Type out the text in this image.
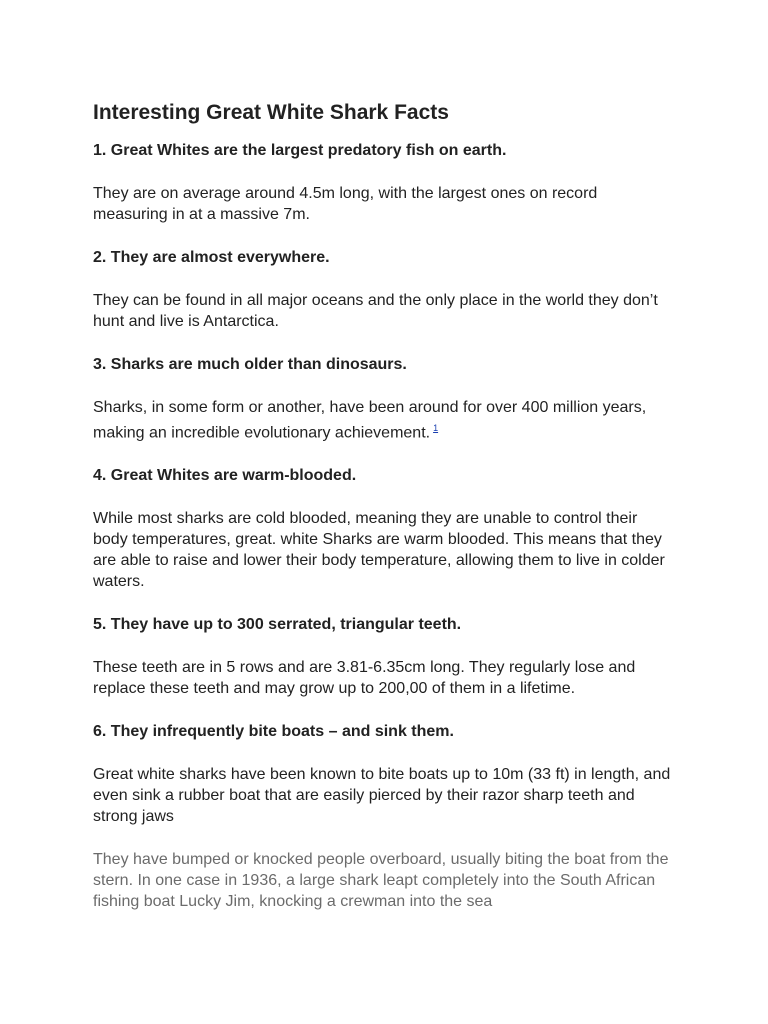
Interesting Great White Shark Facts

1. Great Whites are the largest predatory fish on earth.

They are on average around 4.5m long, with the largest ones on record measuring in at a massive 7m.

2. They are almost everywhere.

They can be found in all major oceans and the only place in the world they don’t hunt and live is Antarctica.

3. Sharks are much older than dinosaurs.

Sharks, in some form or another, have been around for over 400 million years, making an incredible evolutionary achievement. $^1$

4. Great Whites are warm-blooded.

While most sharks are cold blooded, meaning they are unable to control their body temperatures, great. white Sharks are warm blooded. This means that they are able to raise and lower their body temperature, allowing them to live in colder waters.

5. They have up to 300 serrated, triangular teeth.

These teeth are in 5 rows and are 3.81-6.35cm long. They regularly lose and replace these teeth and may grow up to 200,00 of them in a lifetime.

6. They infrequently bite boats – and sink them.

Great white sharks have been known to bite boats up to 10m (33 ft) in length, and even sink a rubber boat that are easily pierced by their razor sharp teeth and strong jaws

They have bumped or knocked people overboard, usually biting the boat from the stern. In one case in 1936, a large shark leapt completely into the South African fishing boat Lucky Jim, knocking a crewman into the sea
